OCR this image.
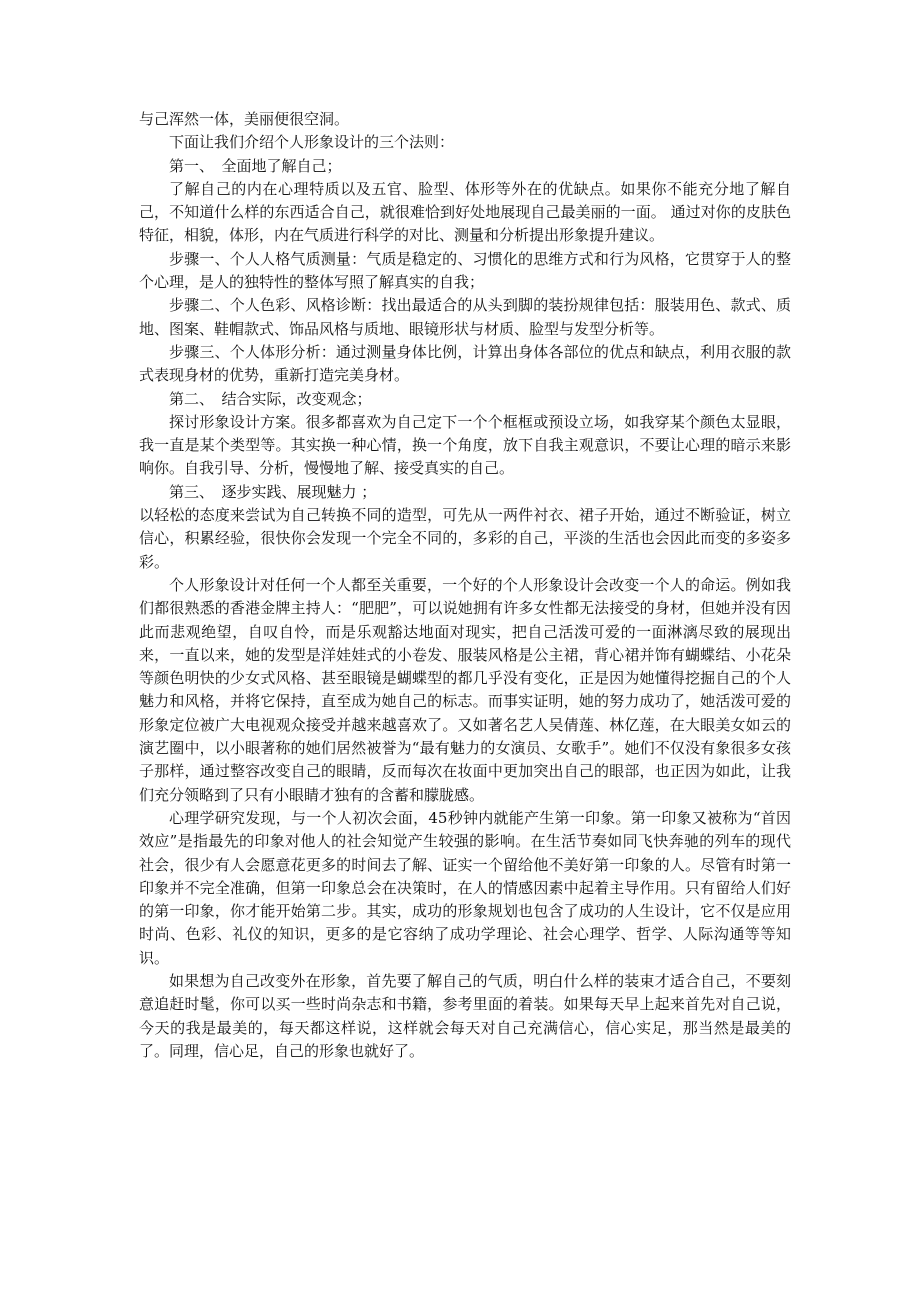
与己浑然一体，美丽便很空洞。

下面让我们介绍个人形象设计的三个法则：

第一、　全面地了解自己；

了解自己的内在心理特质以及五官、脸型、体形等外在的优缺点。如果你不能充分地了解自己，不知道什么样的东西适合自己，就很难恰到好处地展现自己最美丽的一面。 通过对你的皮肤色特征，相貌，体形，内在气质进行科学的对比、测量和分析提出形象提升建议。

步骤一、个人人格气质测量：气质是稳定的、习惯化的思维方式和行为风格，它贯穿于人的整个心理，是人的独特性的整体写照了解真实的自我；

步骤二、个人色彩、风格诊断：找出最适合的从头到脚的装扮规律包括：服装用色、款式、质地、图案、鞋帽款式、饰品风格与质地、眼镜形状与材质、脸型与发型分析等。

步骤三、个人体形分析：通过测量身体比例，计算出身体各部位的优点和缺点，利用衣服的款式表现身材的优势，重新打造完美身材。

第二、　结合实际，改变观念；

探讨形象设计方案。很多都喜欢为自己定下一个个框框或预设立场，如我穿某个颜色太显眼，我一直是某个类型等。其实换一种心情，换一个角度，放下自我主观意识，不要让心理的暗示来影响你。自我引导、分析，慢慢地了解、接受真实的自己。

第三、　逐步实践、展现魅力 ；

以轻松的态度来尝试为自己转换不同的造型，可先从一两件衬衣、裙子开始，通过不断验证，树立信心，积累经验，很快你会发现一个完全不同的，多彩的自己，平淡的生活也会因此而变的多姿多彩。

个人形象设计对任何一个人都至关重要，一个好的个人形象设计会改变一个人的命运。例如我们都很熟悉的香港金牌主持人：“肥肥”，可以说她拥有许多女性都无法接受的身材，但她并没有因此而悲观绝望，自叹自怜，而是乐观豁达地面对现实，把自己活泼可爱的一面淋漓尽致的展现出来，一直以来，她的发型是洋娃娃式的小卷发、服装风格是公主裙，背心裙并饰有蝴蝶结、小花朵等颜色明快的少女式风格、甚至眼镜是蝴蝶型的都几乎没有变化，正是因为她懂得挖掘自己的个人魅力和风格，并将它保持，直至成为她自己的标志。而事实证明，她的努力成功了，她活泼可爱的形象定位被广大电视观众接受并越来越喜欢了。又如著名艺人吴倩莲、林亿莲，在大眼美女如云的演艺圈中，以小眼著称的她们居然被誉为“最有魅力的女演员、女歌手”。她们不仅没有象很多女孩子那样，通过整容改变自己的眼睛，反而每次在妆面中更加突出自己的眼部，也正因为如此，让我们充分领略到了只有小眼睛才独有的含蓄和朦胧感。

心理学研究发现，与一个人初次会面，45秒钟内就能产生第一印象。第一印象又被称为“首因效应”是指最先的印象对他人的社会知觉产生较强的影响。在生活节奏如同飞快奔驰的列车的现代社会，很少有人会愿意花更多的时间去了解、证实一个留给他不美好第一印象的人。尽管有时第一印象并不完全准确，但第一印象总会在决策时，在人的情感因素中起着主导作用。只有留给人们好的第一印象，你才能开始第二步。其实，成功的形象规划也包含了成功的人生设计，它不仅是应用时尚、色彩、礼仪的知识，更多的是它容纳了成功学理论、社会心理学、哲学、人际沟通等等知识。

如果想为自己改变外在形象，首先要了解自己的气质，明白什么样的装束才适合自己，不要刻意追赶时髦，你可以买一些时尚杂志和书籍，参考里面的着装。如果每天早上起来首先对自己说，今天的我是最美的，每天都这样说，这样就会每天对自己充满信心，信心实足，那当然是最美的了。同理，信心足，自己的形象也就好了。
